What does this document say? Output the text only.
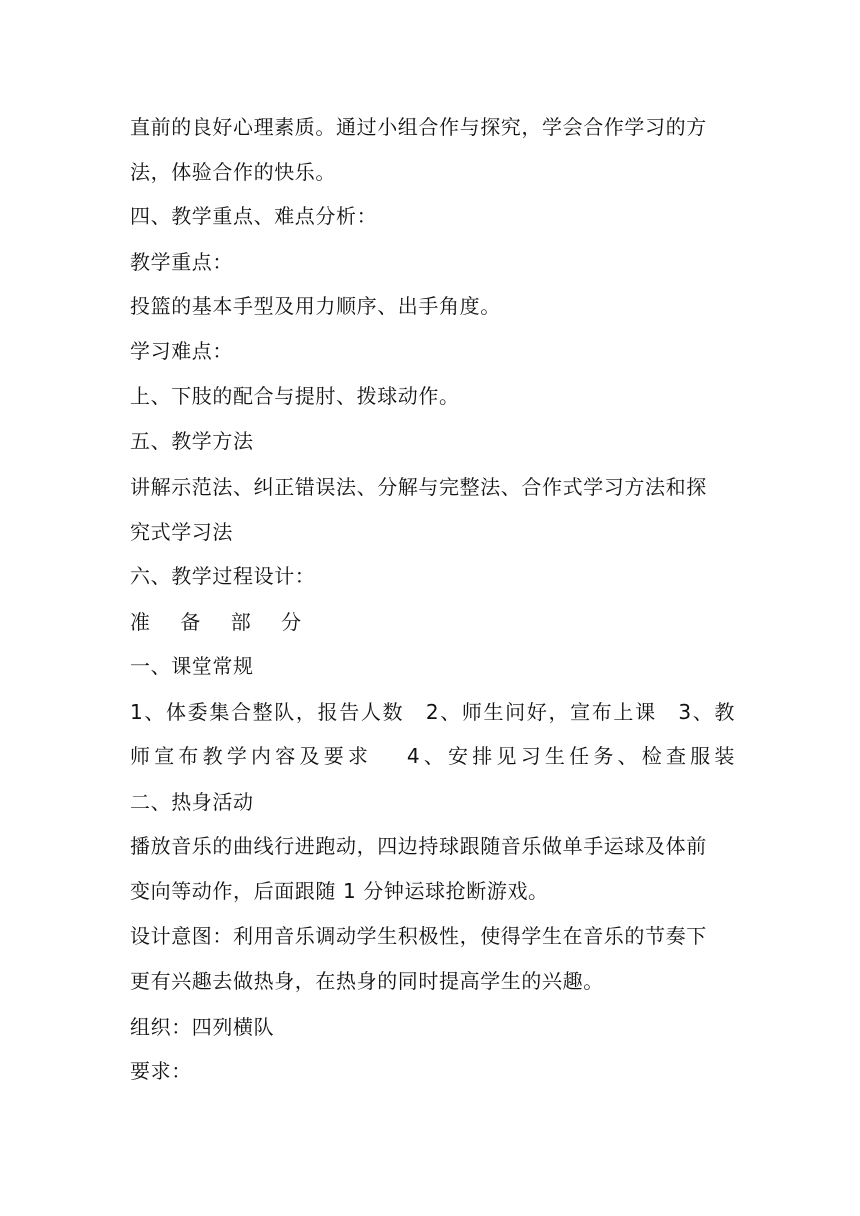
直前的良好心理素质。通过小组合作与探究，学会合作学习的方
法，体验合作的快乐。
四、教学重点、难点分析：
教学重点：
投篮的基本手型及用力顺序、出手角度。
学习难点：
上、下肢的配合与提肘、拨球动作。
五、教学方法
讲解示范法、纠正错误法、分解与完整法、合作式学习方法和探
究式学习法
六、教学过程设计：
准 备 部 分
一、课堂常规
1、体委集合整队，报告人数　2、师生问好，宣布上课　3、教
师宣布教学内容及要求　 4、安排见习生任务、检查服装
二、热身活动
播放音乐的曲线行进跑动，四边持球跟随音乐做单手运球及体前
变向等动作，后面跟随 1 分钟运球抢断游戏。
设计意图：利用音乐调动学生积极性，使得学生在音乐的节奏下
更有兴趣去做热身，在热身的同时提高学生的兴趣。
组织：四列横队
要求：
